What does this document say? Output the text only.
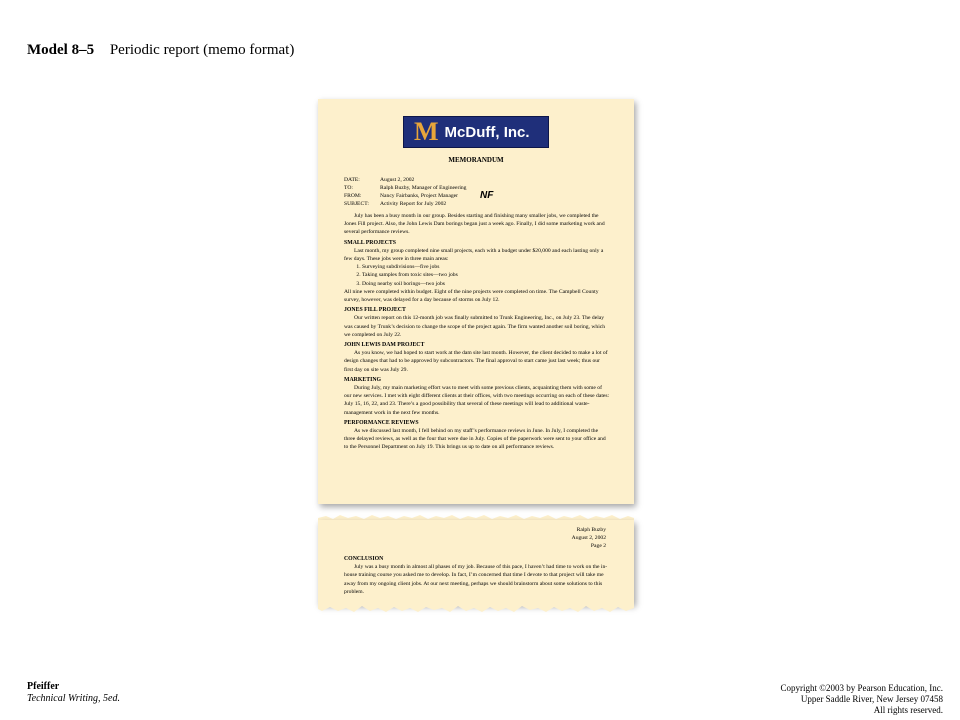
Model 8–5 Periodic report (memo format)
M McDuff, Inc.
MEMORANDUM
DATE:	August 2, 2002
TO:	Ralph Buzby, Manager of Engineering
FROM:	Nancy Fairbanks, Project Manager
SUBJECT:	Activity Report for July 2002
NF

July has been a busy month in our group. Besides starting and finishing many smaller jobs, we completed the Jones Fill project. Also, the John Lewis Dam borings began just a week ago. Finally, I did some marketing work and several performance reviews.

SMALL PROJECTS

Last month, my group completed nine small projects, each with a budget under $20,000 and each lasting only a few days. These jobs were in three main areas:

1. Surveying subdivisions—five jobs
2. Taking samples from toxic sites—two jobs
3. Doing nearby soil borings—two jobs

All nine were completed within budget. Eight of the nine projects were completed on time. The Campbell County survey, however, was delayed for a day because of storms on July 12.

JONES FILL PROJECT

Our written report on this 12-month job was finally submitted to Trunk Engineering, Inc., on July 23. The delay was caused by Trunk’s decision to change the scope of the project again. The firm wanted another soil boring, which we completed on July 22.

JOHN LEWIS DAM PROJECT

As you know, we had hoped to start work at the dam site last month. However, the client decided to make a lot of design changes that had to be approved by subcontractors. The final approval to start came just last week; thus our first day on site was July 29.

MARKETING

During July, my main marketing effort was to meet with some previous clients, acquainting them with some of our new services. I met with eight different clients at their offices, with two meetings occurring on each of these dates: July 15, 16, 22, and 23. There’s a good possibility that several of these meetings will lead to additional waste-management work in the next few months.

PERFORMANCE REVIEWS

As we discussed last month, I fell behind on my staff’s performance reviews in June. In July, I completed the three delayed reviews, as well as the four that were due in July. Copies of the paperwork were sent to your office and to the Personnel Department on July 19. This brings us up to date on all performance reviews.

Ralph Buzby
August 2, 2002
Page 2
CONCLUSION

July was a busy month in almost all phases of my job. Because of this pace, I haven’t had time to work on the in-house training course you asked me to develop. In fact, I’m concerned that time I devote to that project will take me away from my ongoing client jobs. At our next meeting, perhaps we should brainstorm about some solutions to this problem.

Pfeiffer
Technical Writing, 5ed.
Copyright ©2003 by Pearson Education, Inc.
Upper Saddle River, New Jersey 07458
All rights reserved.
